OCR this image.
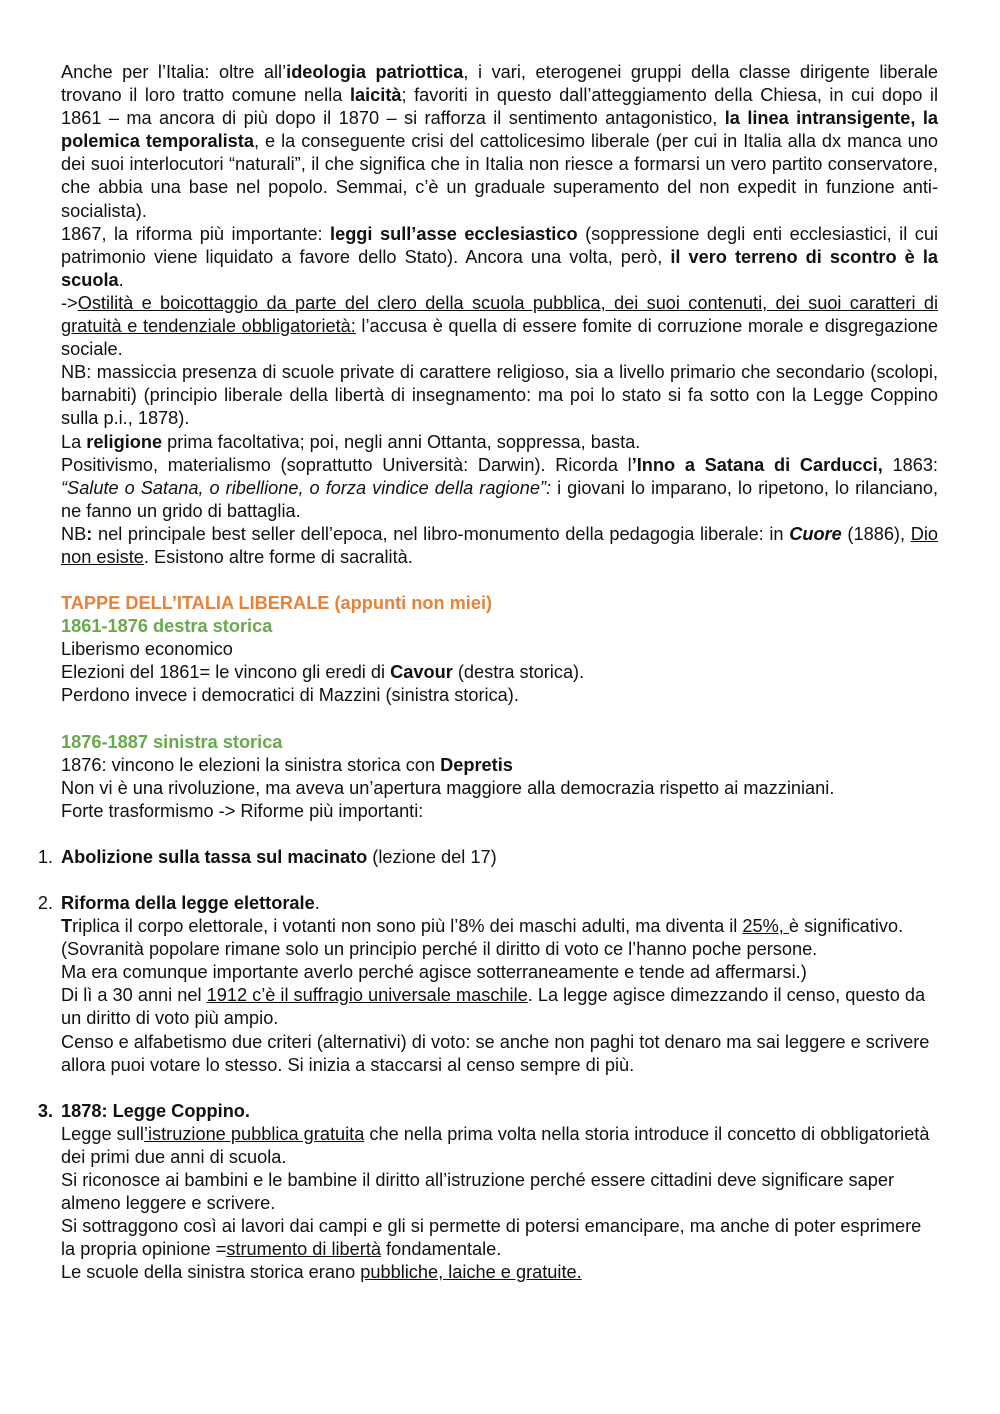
Anche per l’Italia: oltre all’ideologia patriottica, i vari, eterogenei gruppi della classe dirigente liberale trovano il loro tratto comune nella laicità; favoriti in questo dall’atteggiamento della Chiesa, in cui dopo il 1861 – ma ancora di più dopo il 1870 – si rafforza il sentimento antagonistico, la linea intransigente, la polemica temporalista, e la conseguente crisi del cattolicesimo liberale (per cui in Italia alla dx manca uno dei suoi interlocutori “naturali”, il che significa che in Italia non riesce a formarsi un vero partito conservatore, che abbia una base nel popolo. Semmai, c’è un graduale superamento del non expedit in funzione anti-socialista).

1867, la riforma più importante: leggi sull’asse ecclesiastico (soppressione degli enti ecclesiastici, il cui patrimonio viene liquidato a favore dello Stato). Ancora una volta, però, il vero terreno di scontro è la scuola.

->Ostilità e boicottaggio da parte del clero della scuola pubblica, dei suoi contenuti, dei suoi caratteri di gratuità e tendenziale obbligatorietà: l’accusa è quella di essere fomite di corruzione morale e disgregazione sociale.

NB: massiccia presenza di scuole private di carattere religioso, sia a livello primario che secondario (scolopi, barnabiti) (principio liberale della libertà di insegnamento: ma poi lo stato si fa sotto con la Legge Coppino sulla p.i., 1878).

La religione prima facoltativa; poi, negli anni Ottanta, soppressa, basta.

Positivismo, materialismo (soprattutto Università: Darwin). Ricorda l’Inno a Satana di Carducci, 1863: “Salute o Satana, o ribellione, o forza vindice della ragione”: i giovani lo imparano, lo ripetono, lo rilanciano, ne fanno un grido di battaglia.

NB: nel principale best seller dell’epoca, nel libro-monumento della pedagogia liberale: in Cuore (1886), Dio non esiste. Esistono altre forme di sacralità.

TAPPE DELL’ITALIA LIBERALE (appunti non miei)

1861-1876 destra storica

Liberismo economico

Elezioni del 1861= le vincono gli eredi di Cavour (destra storica).

Perdono invece i democratici di Mazzini (sinistra storica).

1876-1887 sinistra storica

1876: vincono le elezioni la sinistra storica con Depretis

Non vi è una rivoluzione, ma aveva un’apertura maggiore alla democrazia rispetto ai mazziniani.

Forte trasformismo -> Riforme più importanti:

1. Abolizione sulla tassa sul macinato (lezione del 17)

2. Riforma della legge elettorale.

Triplica il corpo elettorale, i votanti non sono più l’8% dei maschi adulti, ma diventa il 25%, è significativo.

(Sovranità popolare rimane solo un principio perché il diritto di voto ce l’hanno poche persone.

Ma era comunque importante averlo perché agisce sotterraneamente e tende ad affermarsi.)

Di lì a 30 anni nel 1912 c’è il suffragio universale maschile. La legge agisce dimezzando il censo, questo da un diritto di voto più ampio.

Censo e alfabetismo due criteri (alternativi) di voto: se anche non paghi tot denaro ma sai leggere e scrivere allora puoi votare lo stesso. Si inizia a staccarsi al censo sempre di più.

3. 1878: Legge Coppino.

Legge sull’istruzione pubblica gratuita che nella prima volta nella storia introduce il concetto di obbligatorietà dei primi due anni di scuola.

Si riconosce ai bambini e le bambine il diritto all’istruzione perché essere cittadini deve significare saper almeno leggere e scrivere.

Si sottraggono così ai lavori dai campi e gli si permette di potersi emancipare, ma anche di poter esprimere la propria opinione =strumento di libertà fondamentale.

Le scuole della sinistra storica erano pubbliche, laiche e gratuite.
